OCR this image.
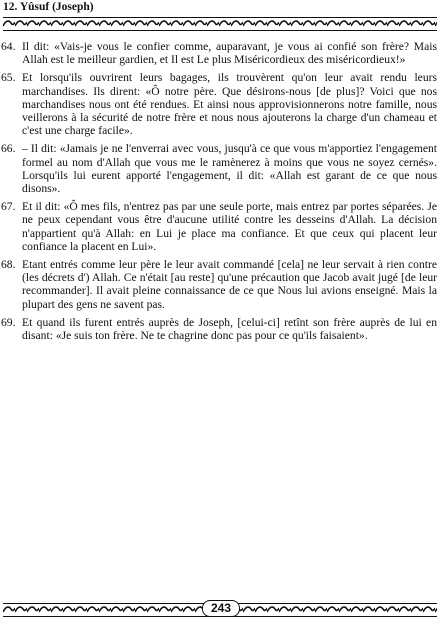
12. Yûsuf (Joseph)

64. Il dit: «Vais-je vous le confier comme, auparavant, je vous ai confié son frère? Mais Allah est le meilleur gardien, et Il est Le plus Miséricordieux des miséricordieux!»

65. Et lorsqu'ils ouvrirent leurs bagages, ils trouvèrent qu'on leur avait rendu leurs marchandises. Ils dirent: «Ô notre père. Que désirons-nous [de plus]? Voici que nos marchandises nous ont été rendues. Et ainsi nous approvisionnerons notre famille, nous veillerons à la sécurité de notre frère et nous nous ajouterons la charge d'un chameau et c'est une charge facile».

66. – Il dit: «Jamais je ne l'enverrai avec vous, jusqu'à ce que vous m'apportiez l'engagement formel au nom d'Allah que vous me le ramènerez à moins que vous ne soyez cernés». Lorsqu'ils lui eurent apporté l'engagement, il dit: «Allah est garant de ce que nous disons».

67. Et il dit: «Ô mes fils, n'entrez pas par une seule porte, mais entrez par portes séparées. Je ne peux cependant vous être d'aucune utilité contre les desseins d'Allah. La décision n'appartient qu'à Allah: en Lui je place ma confiance. Et que ceux qui placent leur confiance la placent en Lui».

68. Etant entrés comme leur père le leur avait commandé [cela] ne leur servait à rien contre (les décrets d') Allah. Ce n'était [au reste] qu'une précaution que Jacob avait jugé [de leur recommander]. Il avait pleine connaissance de ce que Nous lui avions enseigné. Mais la plupart des gens ne savent pas.

69. Et quand ils furent entrés auprès de Joseph, [celui-ci] retînt son frère auprès de lui en disant: «Je suis ton frère. Ne te chagrine donc pas pour ce qu'ils faisaient».

243
